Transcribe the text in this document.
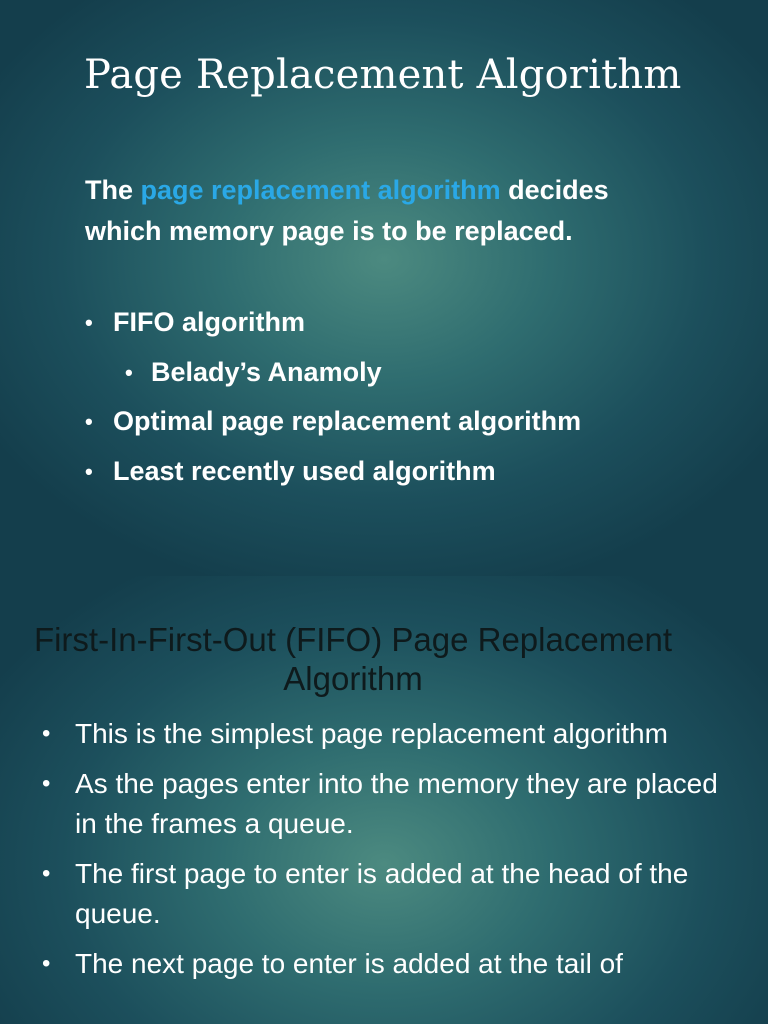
Page Replacement Algorithm
The page replacement algorithm decides which memory page is to be replaced.
• FIFO algorithm
• Belady’s Anamoly
• Optimal page replacement algorithm
• Least recently used algorithm
First-In-First-Out (FIFO) Page Replacement Algorithm
• This is the simplest page replacement algorithm
• As the pages enter into the memory they are placed in the frames a queue.
• The first page to enter is added at the head of the queue.
• The next page to enter is added at the tail of
